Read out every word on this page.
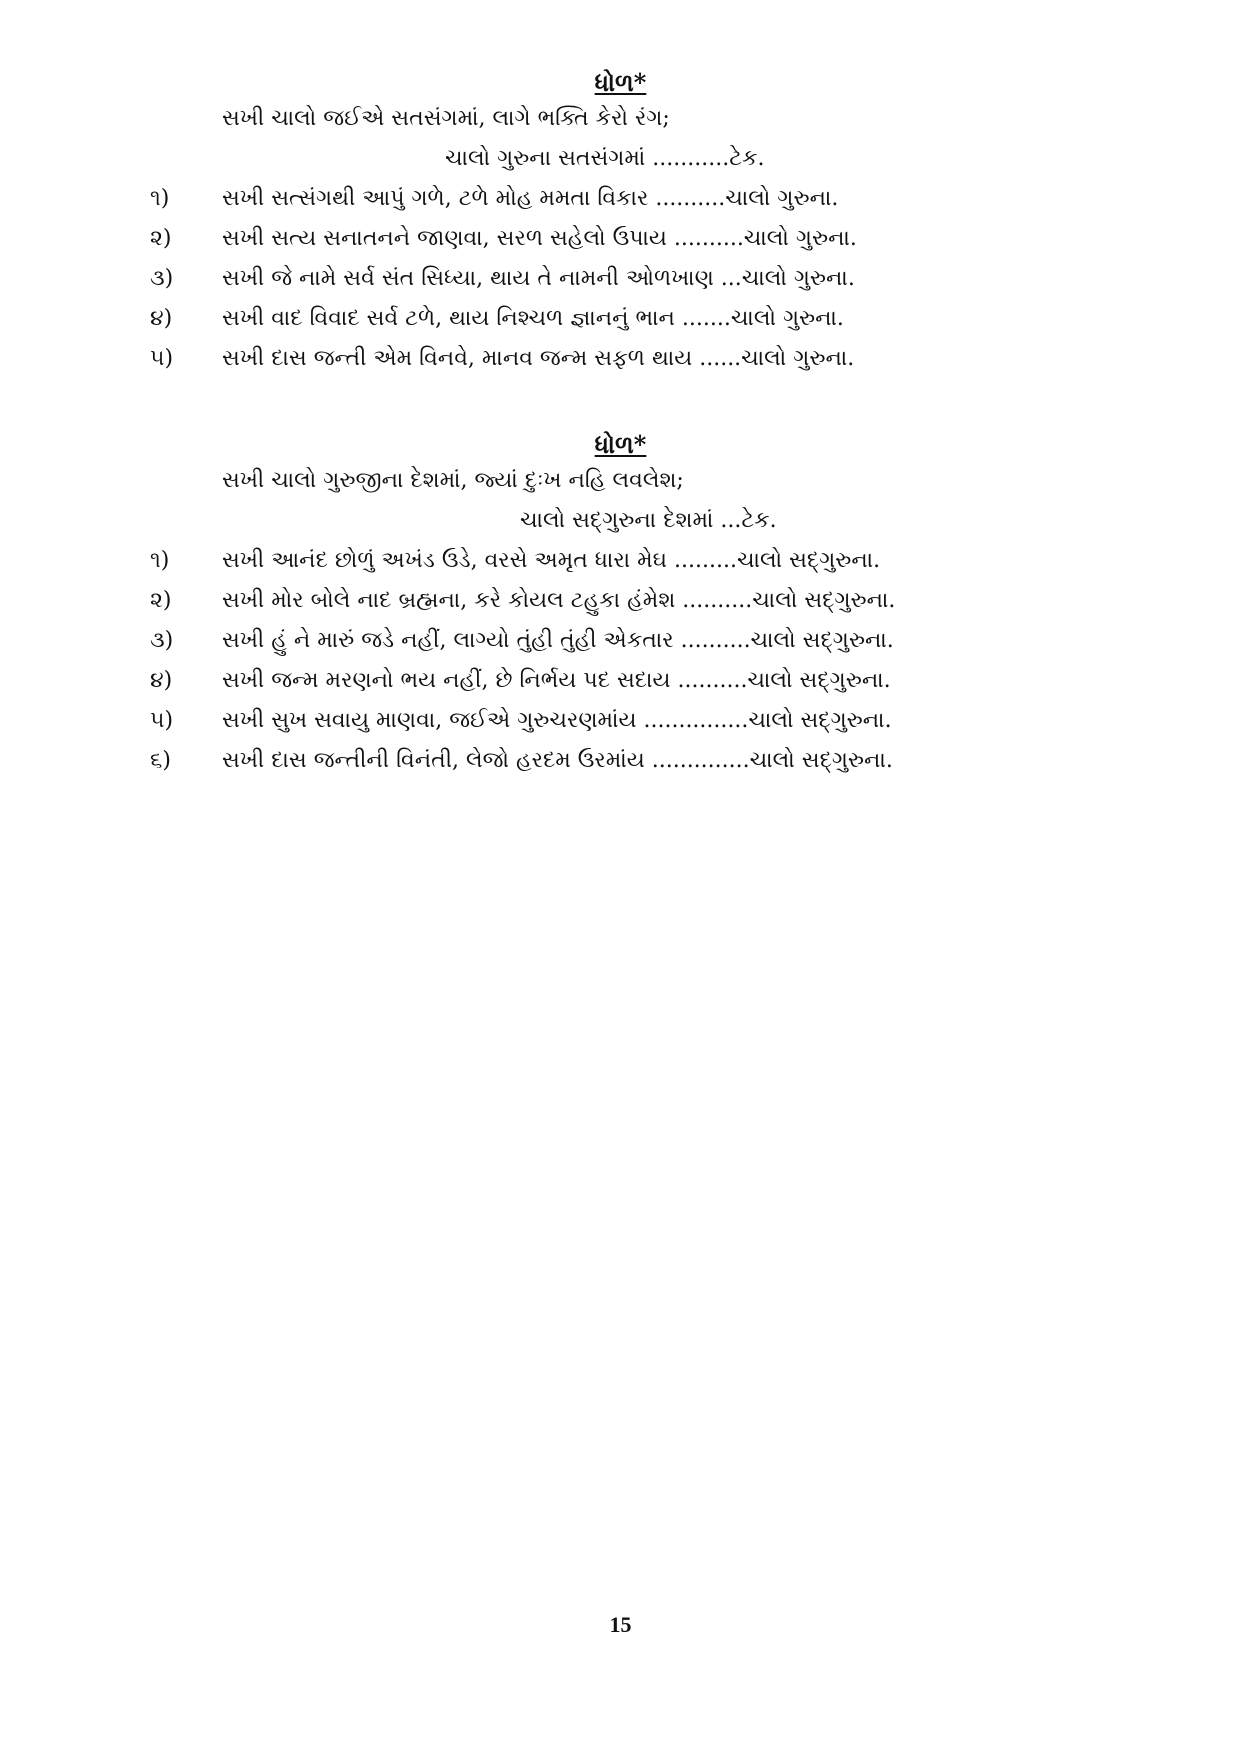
ધોળ*
સખી ચાલો જઈએ સતસંગમાં, લાગે ભક્તિ કેરો રંગ;
ચાલો ગુરુના સતસંગમાં ...........ટેક.
૧) સખી સત્સંગથી આપું ગળે, ટળે મોહ મમતા વિકાર ..........ચાલો ગુરુના.
૨) સખી સત્ય સનાતનને જાણવા, સરળ સહેલો ઉપાય ..........ચાલો ગુરુના.
૩) સખી જે નામે સર્વ સંત સિધ્યા, થાય તે નામની ઓળખાણ ...ચાલો ગુરુના.
૪) સખી વાદ વિવાદ સર્વ ટળે, થાય નિશ્ચળ જ્ઞાનનું ભાન .......ચાલો ગુરુના.
૫) સખી દાસ જન્તી એમ વિનવે, માનવ જન્મ સફળ થાય ......ચાલો ગુરુના.
ધોળ*
સખી ચાલો ગુરુજીના દેશમાં, જ્યાં દુઃખ નહિ લવલેશ;
ચાલો સદ્ગુરુના દેશમાં ...ટેક.
૧) સખી આનંદ છોળું અખંડ ઉડે, વરસે અમૃત ધારા મેઘ .........ચાલો સદ્ગુરુના.
૨) સખી મોર બોલે નાદ બ્રહ્મના, કરે કોયલ ટહુકા હંમેશ ..........ચાલો સદ્ગુરુના.
૩) સખી હું ને મારું જડે નહીં, લાગ્યો તુંહી તુંહી એકતાર ..........ચાલો સદ્ગુરુના.
૪) સખી જન્મ મરણનો ભય નહીં, છે નિર્ભય પદ સદાય ..........ચાલો સદ્ગુરુના.
૫) સખી સુખ સવાયુ માણવા, જઈએ ગુરુચરણમાંય ...............ચાલો સદ્ગુરુના.
૬) સખી દાસ જન્તીની વિનંતી, લેજો હરદમ ઉરમાંય ..............ચાલો સદ્ગુરુના.
15
